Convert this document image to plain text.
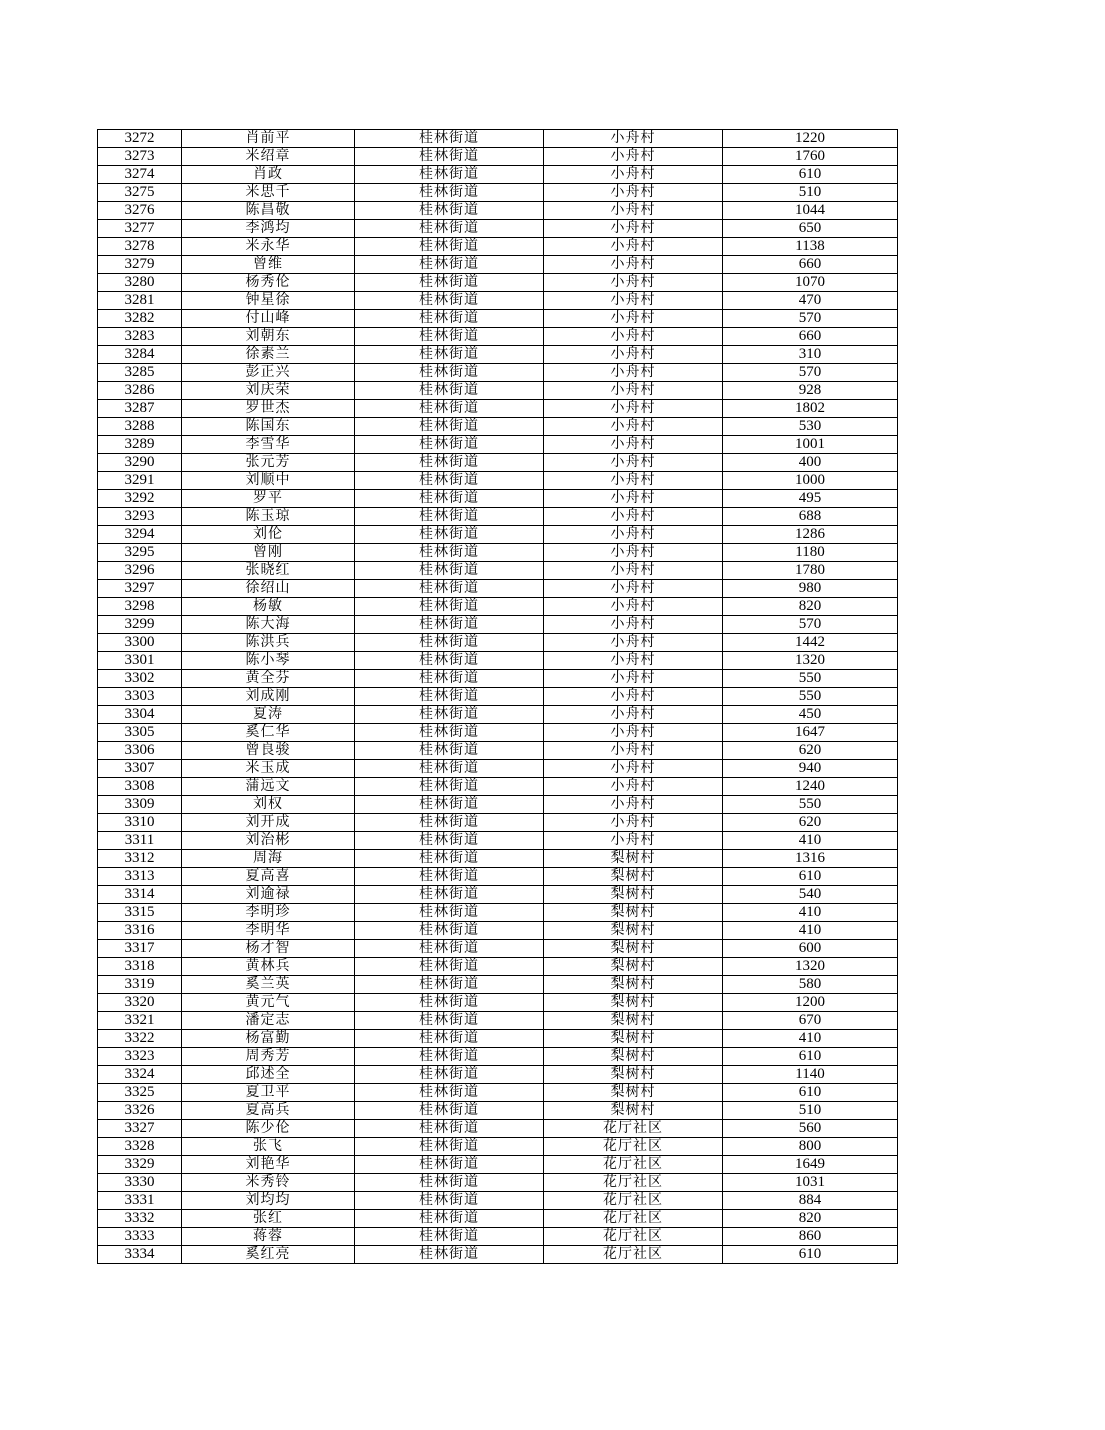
3272	肖前平	桂林街道	小舟村	1220
3273	米绍章	桂林街道	小舟村	1760
3274	肖政	桂林街道	小舟村	610
3275	米思千	桂林街道	小舟村	510
3276	陈昌敬	桂林街道	小舟村	1044
3277	李鸿均	桂林街道	小舟村	650
3278	米永华	桂林街道	小舟村	1138
3279	曾维	桂林街道	小舟村	660
3280	杨秀伦	桂林街道	小舟村	1070
3281	钟星徐	桂林街道	小舟村	470
3282	付山峰	桂林街道	小舟村	570
3283	刘朝东	桂林街道	小舟村	660
3284	徐素兰	桂林街道	小舟村	310
3285	彭正兴	桂林街道	小舟村	570
3286	刘庆荣	桂林街道	小舟村	928
3287	罗世杰	桂林街道	小舟村	1802
3288	陈国东	桂林街道	小舟村	530
3289	李雪华	桂林街道	小舟村	1001
3290	张元芳	桂林街道	小舟村	400
3291	刘顺中	桂林街道	小舟村	1000
3292	罗平	桂林街道	小舟村	495
3293	陈玉琼	桂林街道	小舟村	688
3294	刘伦	桂林街道	小舟村	1286
3295	曾刚	桂林街道	小舟村	1180
3296	张晓红	桂林街道	小舟村	1780
3297	徐绍山	桂林街道	小舟村	980
3298	杨敏	桂林街道	小舟村	820
3299	陈大海	桂林街道	小舟村	570
3300	陈洪兵	桂林街道	小舟村	1442
3301	陈小琴	桂林街道	小舟村	1320
3302	黄全芬	桂林街道	小舟村	550
3303	刘成刚	桂林街道	小舟村	550
3304	夏涛	桂林街道	小舟村	450
3305	奚仁华	桂林街道	小舟村	1647
3306	曾良骏	桂林街道	小舟村	620
3307	米玉成	桂林街道	小舟村	940
3308	蒲远文	桂林街道	小舟村	1240
3309	刘权	桂林街道	小舟村	550
3310	刘开成	桂林街道	小舟村	620
3311	刘治彬	桂林街道	小舟村	410
3312	周海	桂林街道	梨树村	1316
3313	夏高喜	桂林街道	梨树村	610
3314	刘逾禄	桂林街道	梨树村	540
3315	李明珍	桂林街道	梨树村	410
3316	李明华	桂林街道	梨树村	410
3317	杨才智	桂林街道	梨树村	600
3318	黄林兵	桂林街道	梨树村	1320
3319	奚兰英	桂林街道	梨树村	580
3320	黄元气	桂林街道	梨树村	1200
3321	潘定志	桂林街道	梨树村	670
3322	杨富勤	桂林街道	梨树村	410
3323	周秀芳	桂林街道	梨树村	610
3324	邱述全	桂林街道	梨树村	1140
3325	夏卫平	桂林街道	梨树村	610
3326	夏高兵	桂林街道	梨树村	510
3327	陈少伦	桂林街道	花厅社区	560
3328	张飞	桂林街道	花厅社区	800
3329	刘艳华	桂林街道	花厅社区	1649
3330	米秀铃	桂林街道	花厅社区	1031
3331	刘均均	桂林街道	花厅社区	884
3332	张红	桂林街道	花厅社区	820
3333	蒋蓉	桂林街道	花厅社区	860
3334	奚红亮	桂林街道	花厅社区	610
